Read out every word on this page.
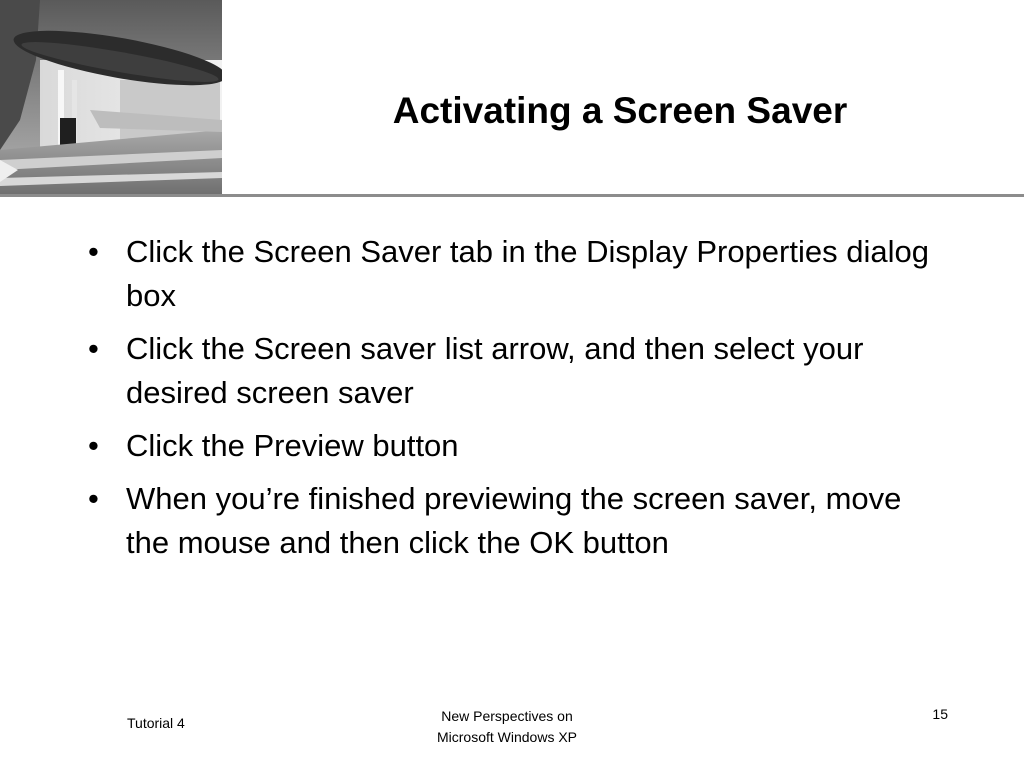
Activating a Screen Saver
• Click the Screen Saver tab in the Display Properties dialog box
• Click the Screen saver list arrow, and then select your desired screen saver
• Click the Preview button
• When you’re finished previewing the screen saver, move the mouse and then click the OK button
Tutorial 4	New Perspectives on
Microsoft Windows XP
15
